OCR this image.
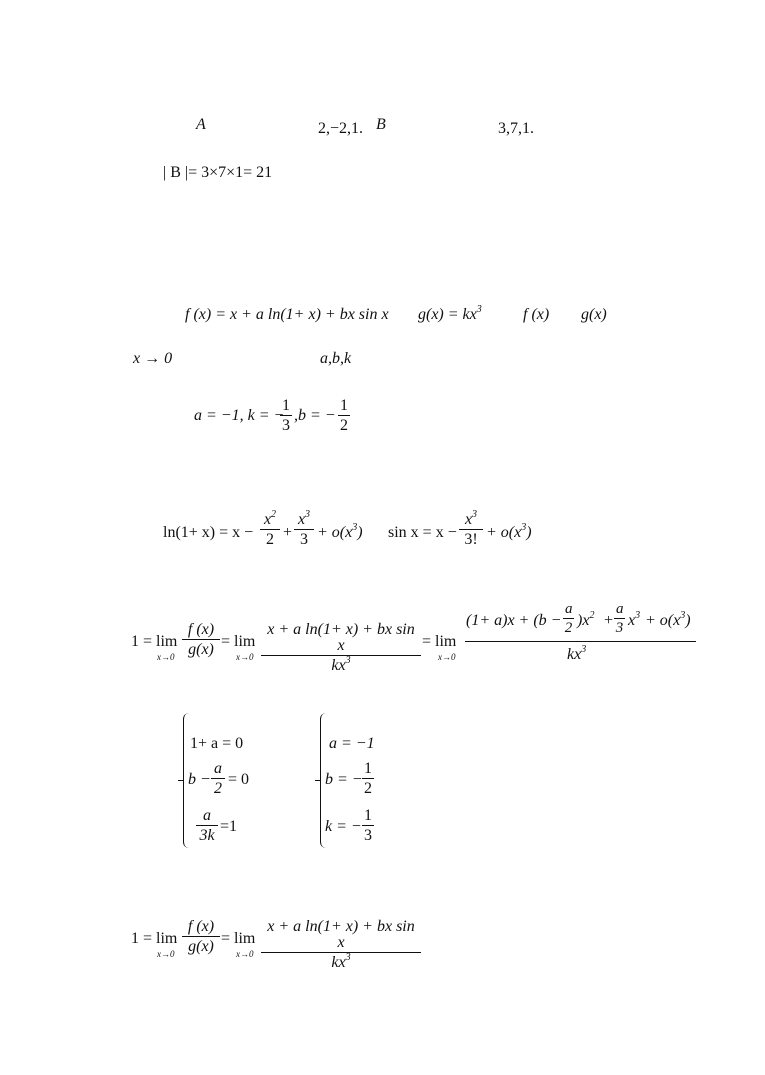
A	2,−2,1. B	3,7,1.
| B |= 3×7×1= 21
f (x) = x + a ln(1+ x) + bx sin x $g(x) = kx^3$	f (x) g(x)
x → 0	a,b,k
a = −1, k = −
1
3
,b = −
1
2
ln(1+ x) = x −
$x^2$
2 +
$x^3$
$3 + o(x^3)$ sin x = x −
$x^3$
3! + $o(x^3)$
1 = lim
x→0
f (x)
g(x) = lim
x→0
x + a ln(1+ x) + bx sin x
$kx^3$
= lim
x→0
(1+ a)x + (b −
a
2 )$x^2$ +
a
3 $x^3 + o(x^3)$
$kx^3$
1+ a = 0
b −
a
2
= 0
a
3k
=1
a = −1
b = −
1
2
k = −
1
3
1 = lim
x→0
f (x)
g(x) = lim
x→0
x + a ln(1+ x) + bx sin x
$kx^3$
